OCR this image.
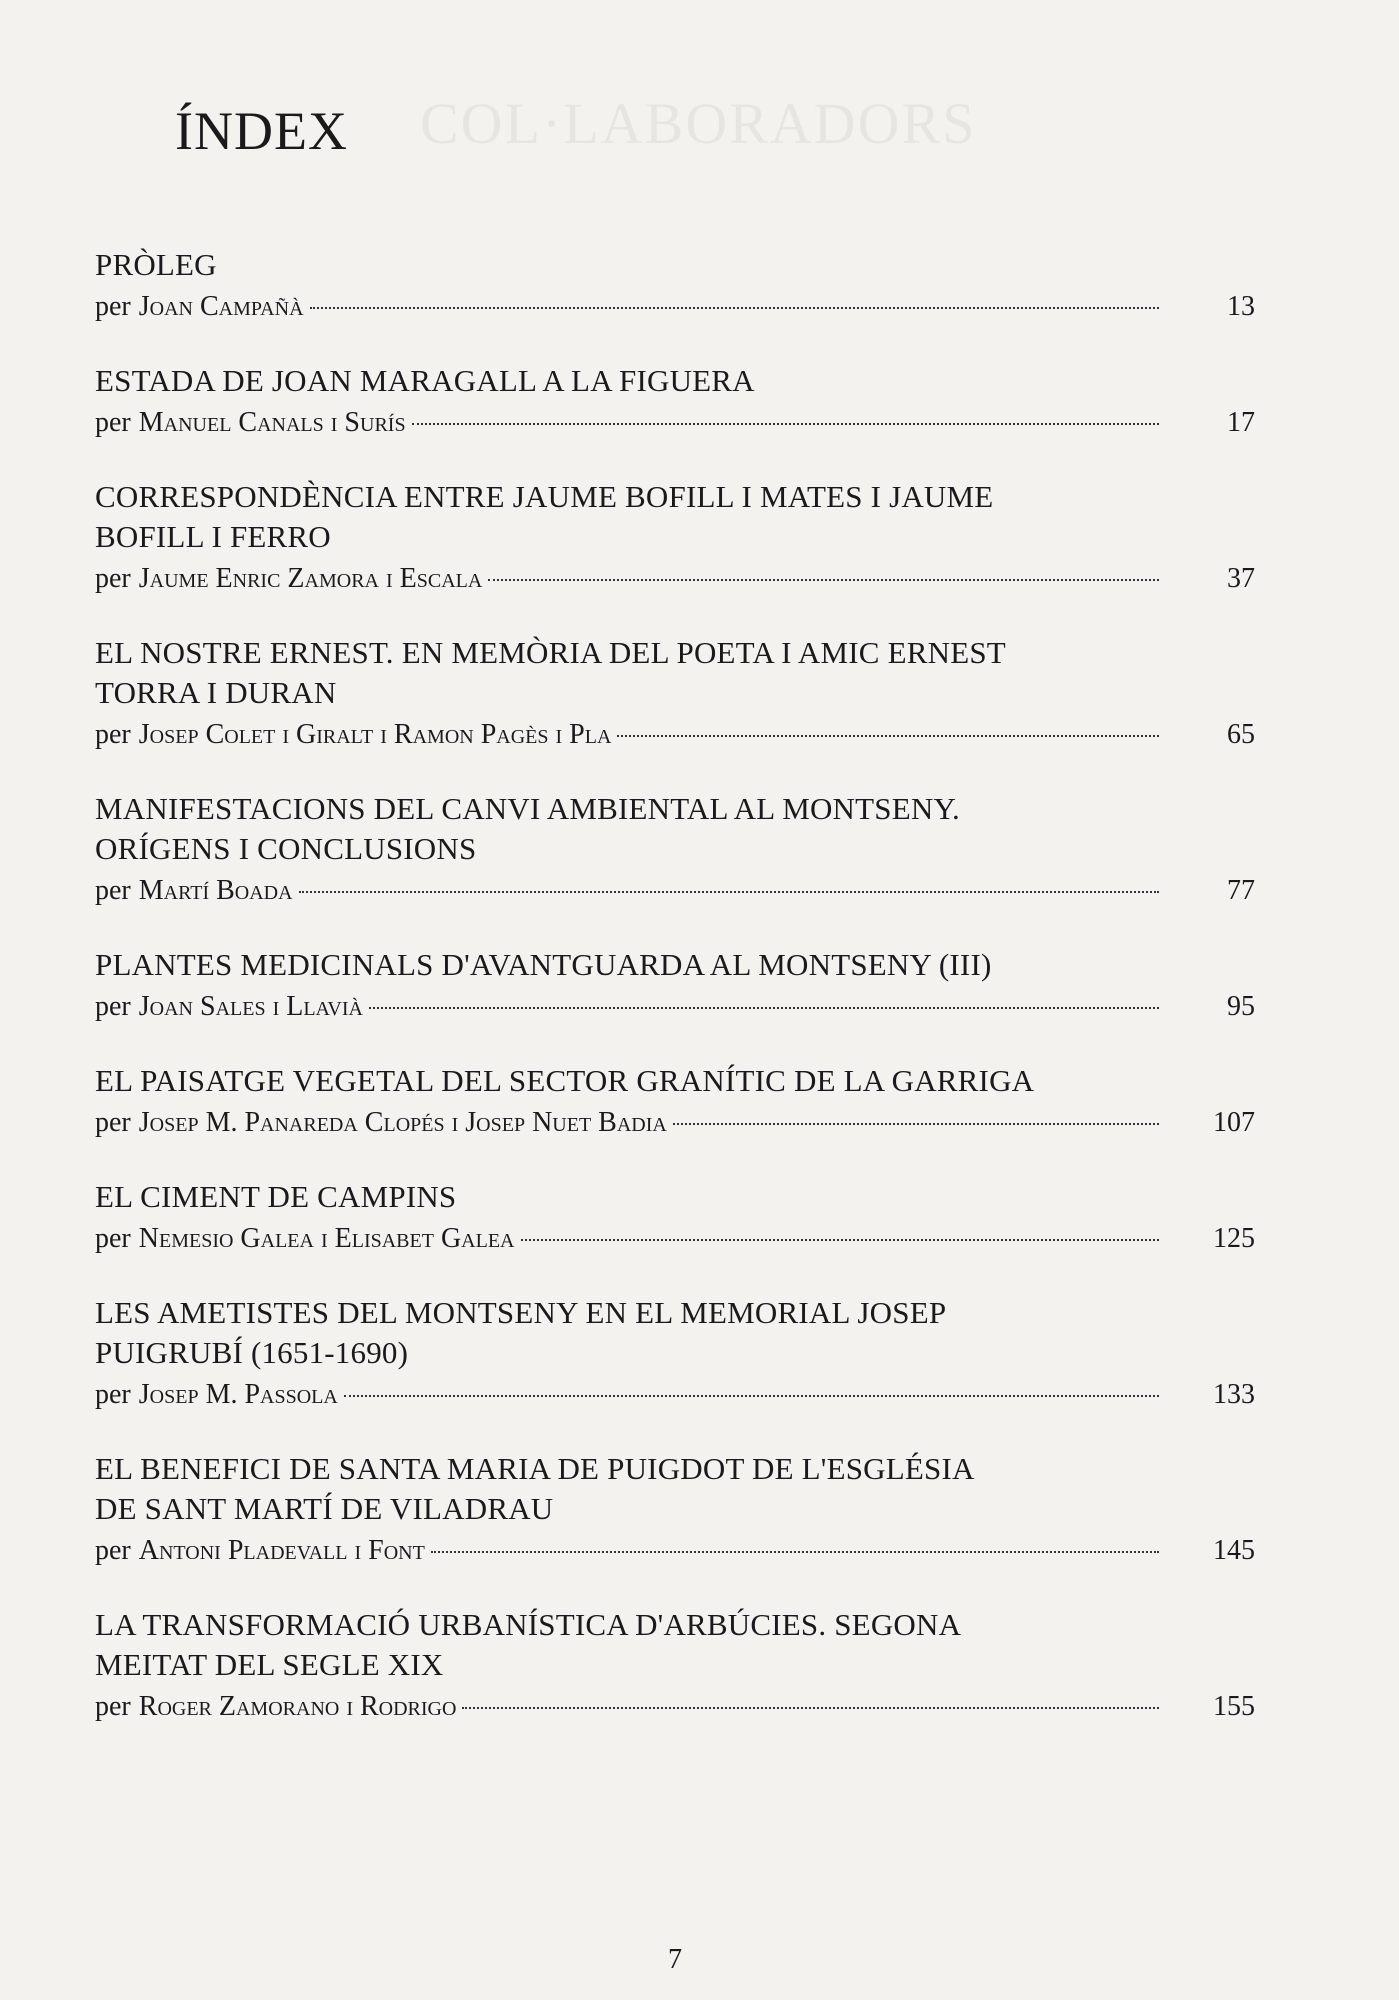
COL·LABORADORS
ÍNDEX
PRÒLEG
per Joan Campañà	13
ESTADA DE JOAN MARAGALL A LA FIGUERA
per Manuel Canals i Surís	17
CORRESPONDÈNCIA ENTRE JAUME BOFILL I MATES I JAUME
BOFILL I FERRO
per Jaume Enric Zamora i Escala	37
EL NOSTRE ERNEST. EN MEMÒRIA DEL POETA I AMIC ERNEST
TORRA I DURAN
per Josep Colet i Giralt i Ramon Pagès i Pla	65
MANIFESTACIONS DEL CANVI AMBIENTAL AL MONTSENY.
ORÍGENS I CONCLUSIONS
per Martí Boada	77
PLANTES MEDICINALS D'AVANTGUARDA AL MONTSENY (III)
per Joan Sales i Llavià	95
EL PAISATGE VEGETAL DEL SECTOR GRANÍTIC DE LA GARRIGA
per Josep M. Panareda Clopés i Josep Nuet Badia	107
EL CIMENT DE CAMPINS
per Nemesio Galea i Elisabet Galea	125
LES AMETISTES DEL MONTSENY EN EL MEMORIAL JOSEP
PUIGRUBÍ (1651-1690)
per Josep M. Passola	133
EL BENEFICI DE SANTA MARIA DE PUIGDOT DE L'ESGLÉSIA
DE SANT MARTÍ DE VILADRAU
per Antoni Pladevall i Font	145
LA TRANSFORMACIÓ URBANÍSTICA D'ARBÚCIES. SEGONA
MEITAT DEL SEGLE XIX
per Roger Zamorano i Rodrigo	155
7
